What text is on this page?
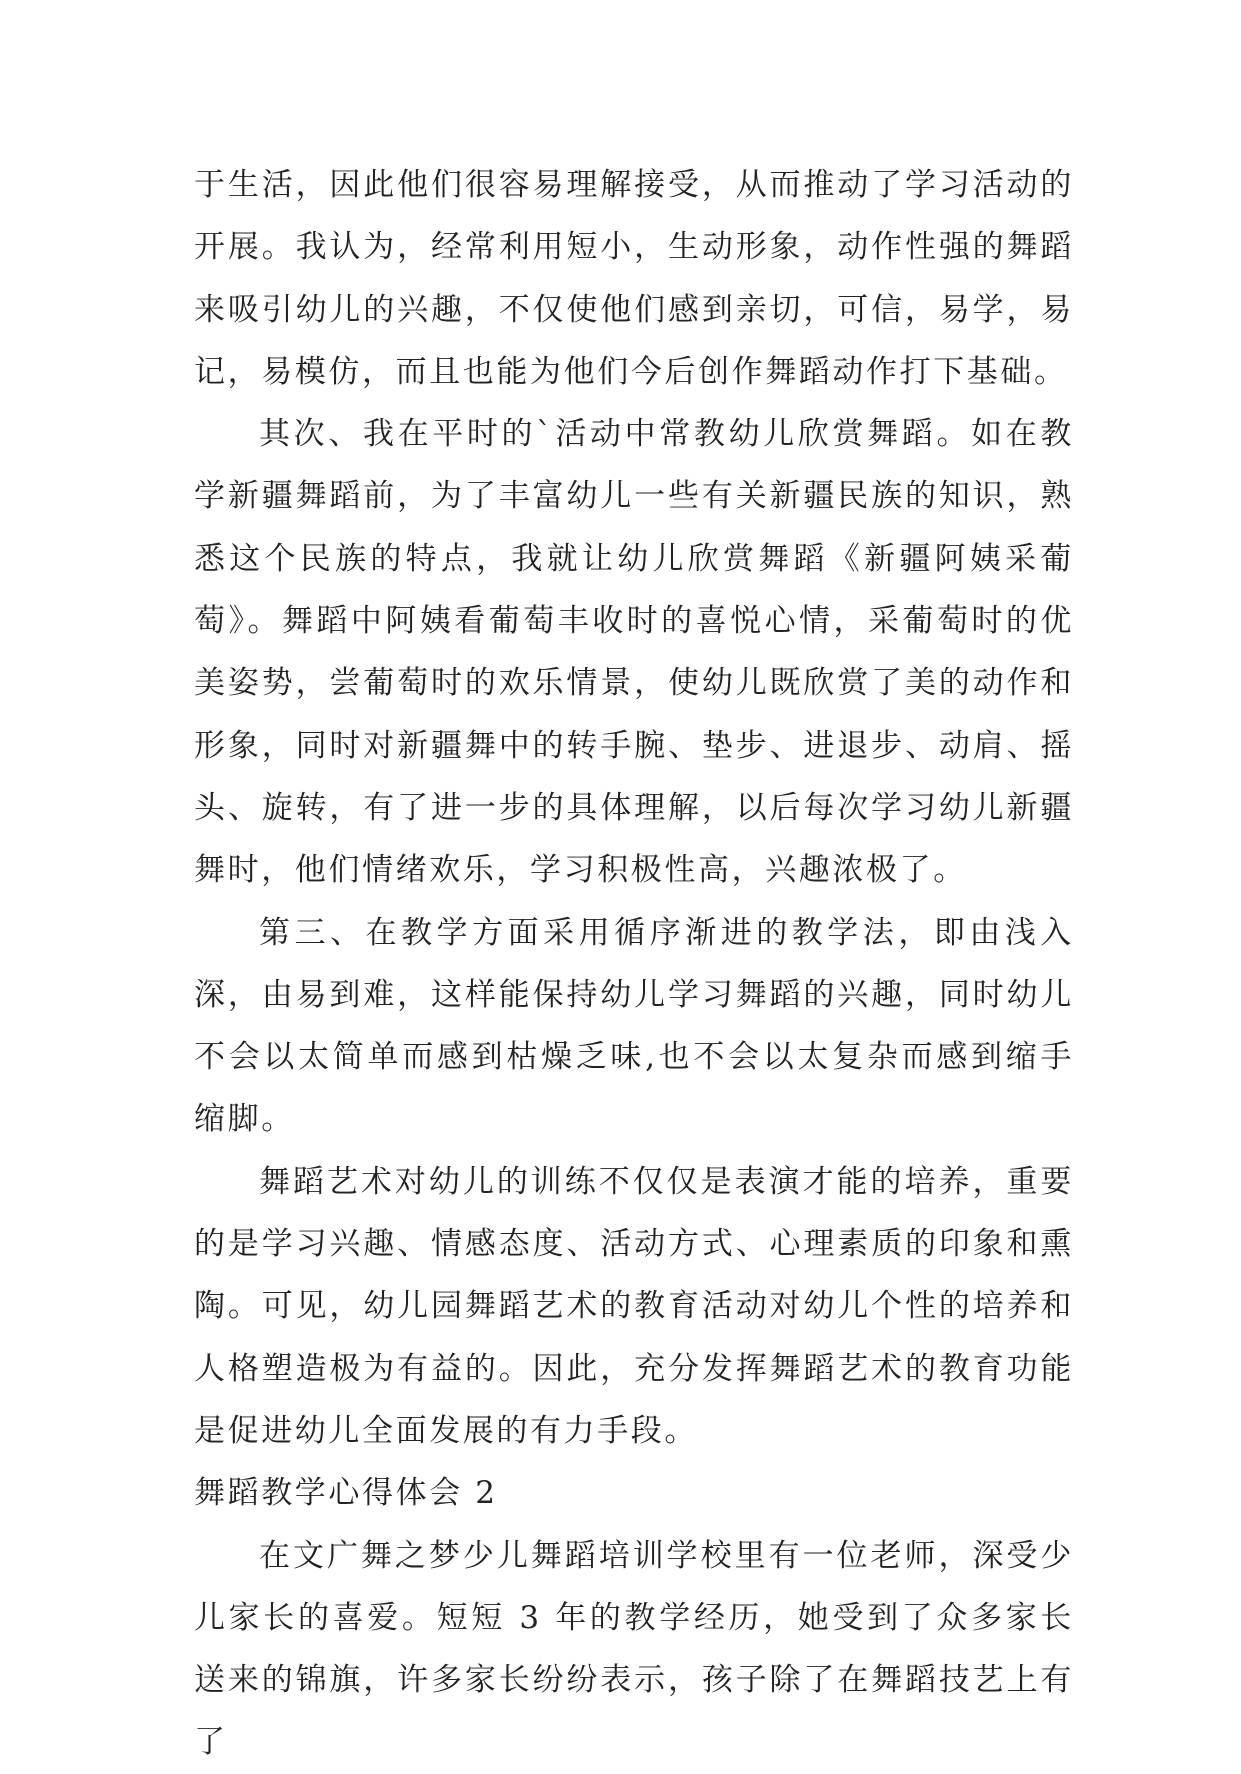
于生活，因此他们很容易理解接受，从而推动了学习活动的开展。我认为，经常利用短小，生动形象，动作性强的舞蹈来吸引幼儿的兴趣，不仅使他们感到亲切，可信，易学，易记，易模仿，而且也能为他们今后创作舞蹈动作打下基础。

其次、我在平时的`活动中常教幼儿欣赏舞蹈。如在教学新疆舞蹈前，为了丰富幼儿一些有关新疆民族的知识，熟悉这个民族的特点，我就让幼儿欣赏舞蹈《新疆阿姨采葡萄》。舞蹈中阿姨看葡萄丰收时的喜悦心情，采葡萄时的优美姿势，尝葡萄时的欢乐情景，使幼儿既欣赏了美的动作和形象，同时对新疆舞中的转手腕、垫步、进退步、动肩、摇头、旋转，有了进一步的具体理解，以后每次学习幼儿新疆舞时，他们情绪欢乐，学习积极性高，兴趣浓极了。

第三、在教学方面采用循序渐进的教学法，即由浅入深，由易到难，这样能保持幼儿学习舞蹈的兴趣，同时幼儿不会以太简单而感到枯燥乏味,也不会以太复杂而感到缩手缩脚。

舞蹈艺术对幼儿的训练不仅仅是表演才能的培养，重要的是学习兴趣、情感态度、活动方式、心理素质的印象和熏陶。可见，幼儿园舞蹈艺术的教育活动对幼儿个性的培养和人格塑造极为有益的。因此，充分发挥舞蹈艺术的教育功能是促进幼儿全面发展的有力手段。

舞蹈教学心得体会 2

在文广舞之梦少儿舞蹈培训学校里有一位老师，深受少儿家长的喜爱。短短 3 年的教学经历，她受到了众多家长送来的锦旗，许多家长纷纷表示，孩子除了在舞蹈技艺上有了
